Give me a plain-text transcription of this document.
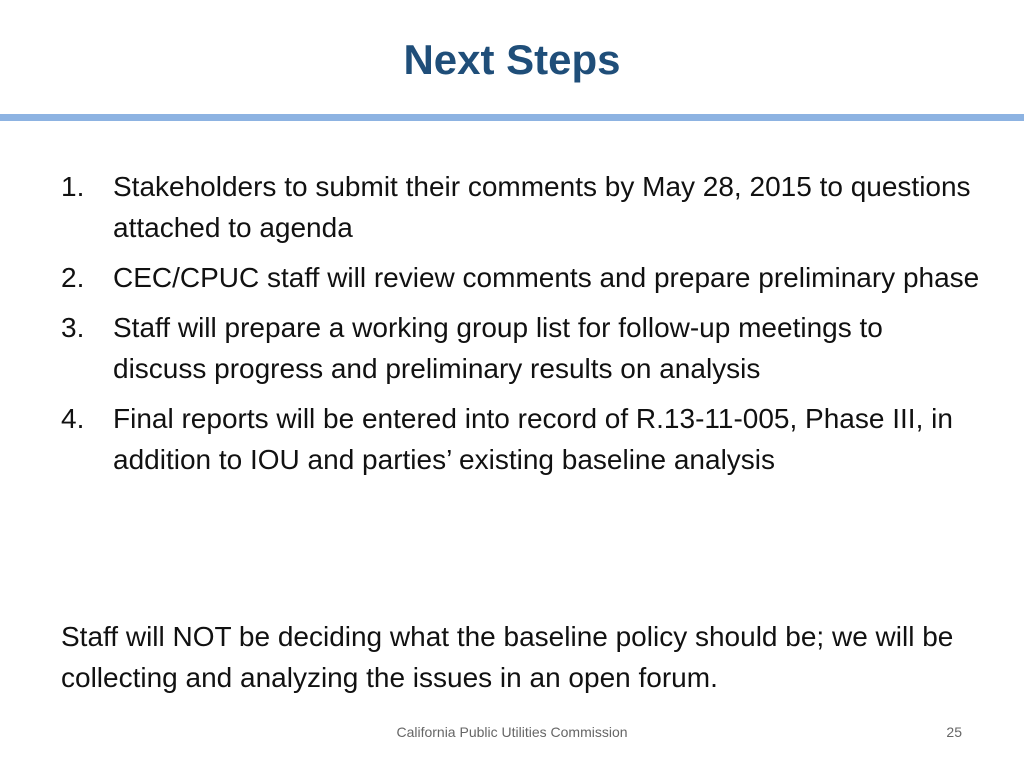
Next Steps
1. Stakeholders to submit their comments by May 28, 2015 to questions attached to agenda
2. CEC/CPUC staff will review comments and prepare preliminary phase
3. Staff will prepare a working group list for follow-up meetings to discuss progress and preliminary results on analysis
4. Final reports will be entered into record of R.13-11-005, Phase III, in addition to IOU and parties’ existing baseline analysis

Staff will NOT be deciding what the baseline policy should be; we will be collecting and analyzing the issues in an open forum.

California Public Utilities Commission	25
